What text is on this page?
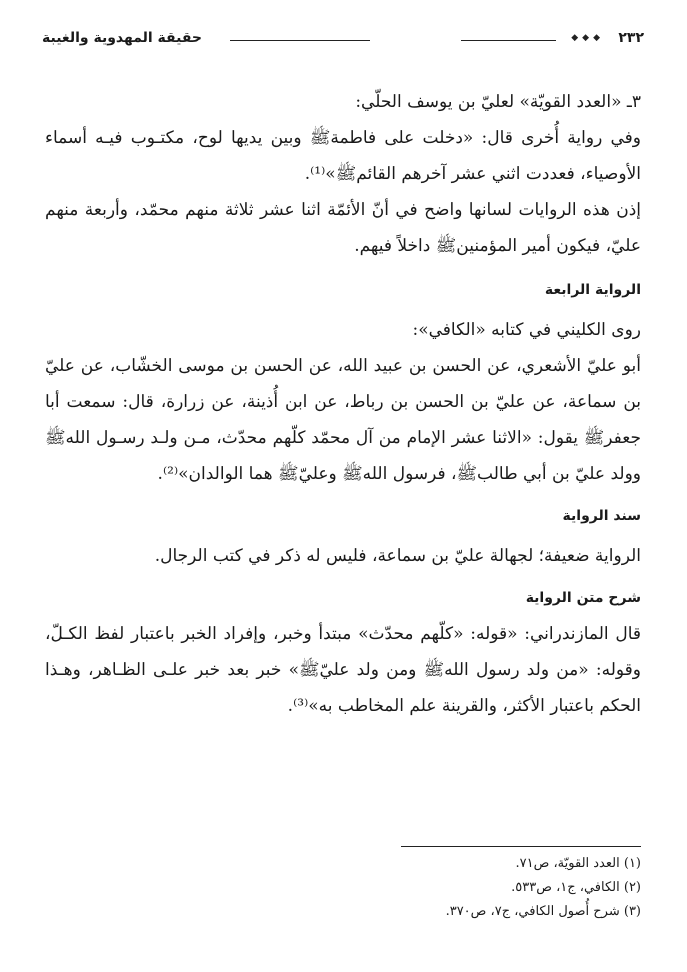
٢٣٢
◆◆◆
حقيقة المهدوية والغيبة

٣ـ «العدد القويّة» لعليّ بن يوسف الحلّي:

وفي رواية أُخرى قال: «دخلت على فاطمةﷺ وبين يديها لوح، مكتـوب فيـه أسماء الأوصياء، فعددت اثني عشر آخرهم القائمﷺ»⁽¹⁾.

إذن هذه الروايات لسانها واضح في أنّ الأئمّة اثنا عشر ثلاثة منهم محمّد، وأربعة منهم عليّ، فيكون أمير المؤمنينﷺ داخلاً فيهم.

الرواية الرابعة

روى الكليني في كتابه «الكافي»:

أبو عليّ الأشعري، عن الحسن بن عبيد الله، عن الحسن بن موسى الخشّاب، عن عليّ بن سماعة، عن عليّ بن الحسن بن رباط، عن ابن أُذينة، عن زرارة، قال: سمعت أبا جعفرﷺ يقول: «الاثنا عشر الإمام من آل محمّد كلّهم محدّث، مـن ولـد رسـول اللهﷺ وولد عليّ بن أبي طالبﷺ، فرسول اللهﷺ وعليّﷺ هما الوالدان»⁽²⁾.

سند الرواية

الرواية ضعيفة؛ لجهالة عليّ بن سماعة، فليس له ذكر في كتب الرجال.

شرح متن الرواية

قال المازندراني: «قوله: «كلّهم محدّث» مبتدأ وخبر، وإفراد الخبر باعتبار لفظ الكـلّ، وقوله: «من ولد رسول اللهﷺ ومن ولد عليّﷺ» خبر بعد خبر علـى الظـاهر، وهـذا الحكم باعتبار الأكثر، والقرينة علم المخاطب به»⁽³⁾.

(١) العدد القويّة، ص٧١.

(٢) الكافي، ج١، ص٥٣٣.

(٣) شرح أُصول الكافي، ج٧، ص٣٧٠.
